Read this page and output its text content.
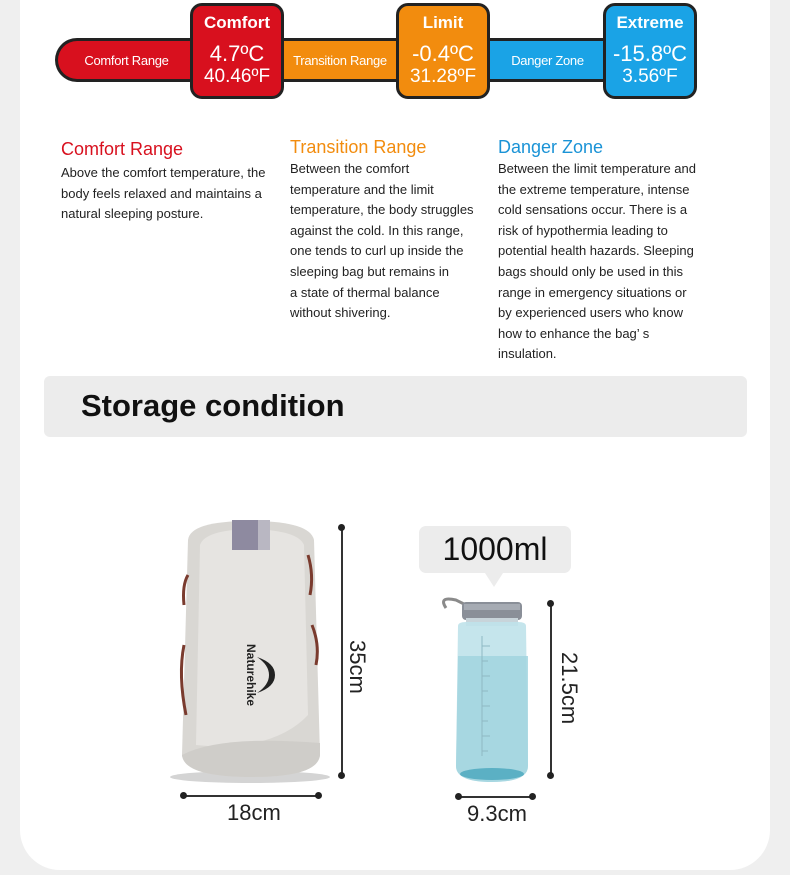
Comfort Range	Transition Range	Danger Zone
Comfort
4.7ºC
40.46ºF
Limit
-0.4ºC
31.28ºF
Extreme
-15.8ºC
3.56ºF
Comfort Range
Above the comfort temperature, the
body feels relaxed and maintains a
natural sleeping posture.
Transition Range
Between the comfort
temperature and the limit
temperature, the body struggles
against the cold. In this range,
one tends to curl up inside the
sleeping bag but remains in
a state of thermal balance
without shivering.
Danger Zone
Between the limit temperature and
the extreme temperature, intense
cold sensations occur. There is a
risk of hypothermia leading to
potential health hazards. Sleeping
bags should only be used in this
range in emergency situations or
by experienced users who know
how to enhance the bag’ s
insulation.
Storage condition
Naturehike	35cm
18cm
1000ml
21.5cm
9.3cm
